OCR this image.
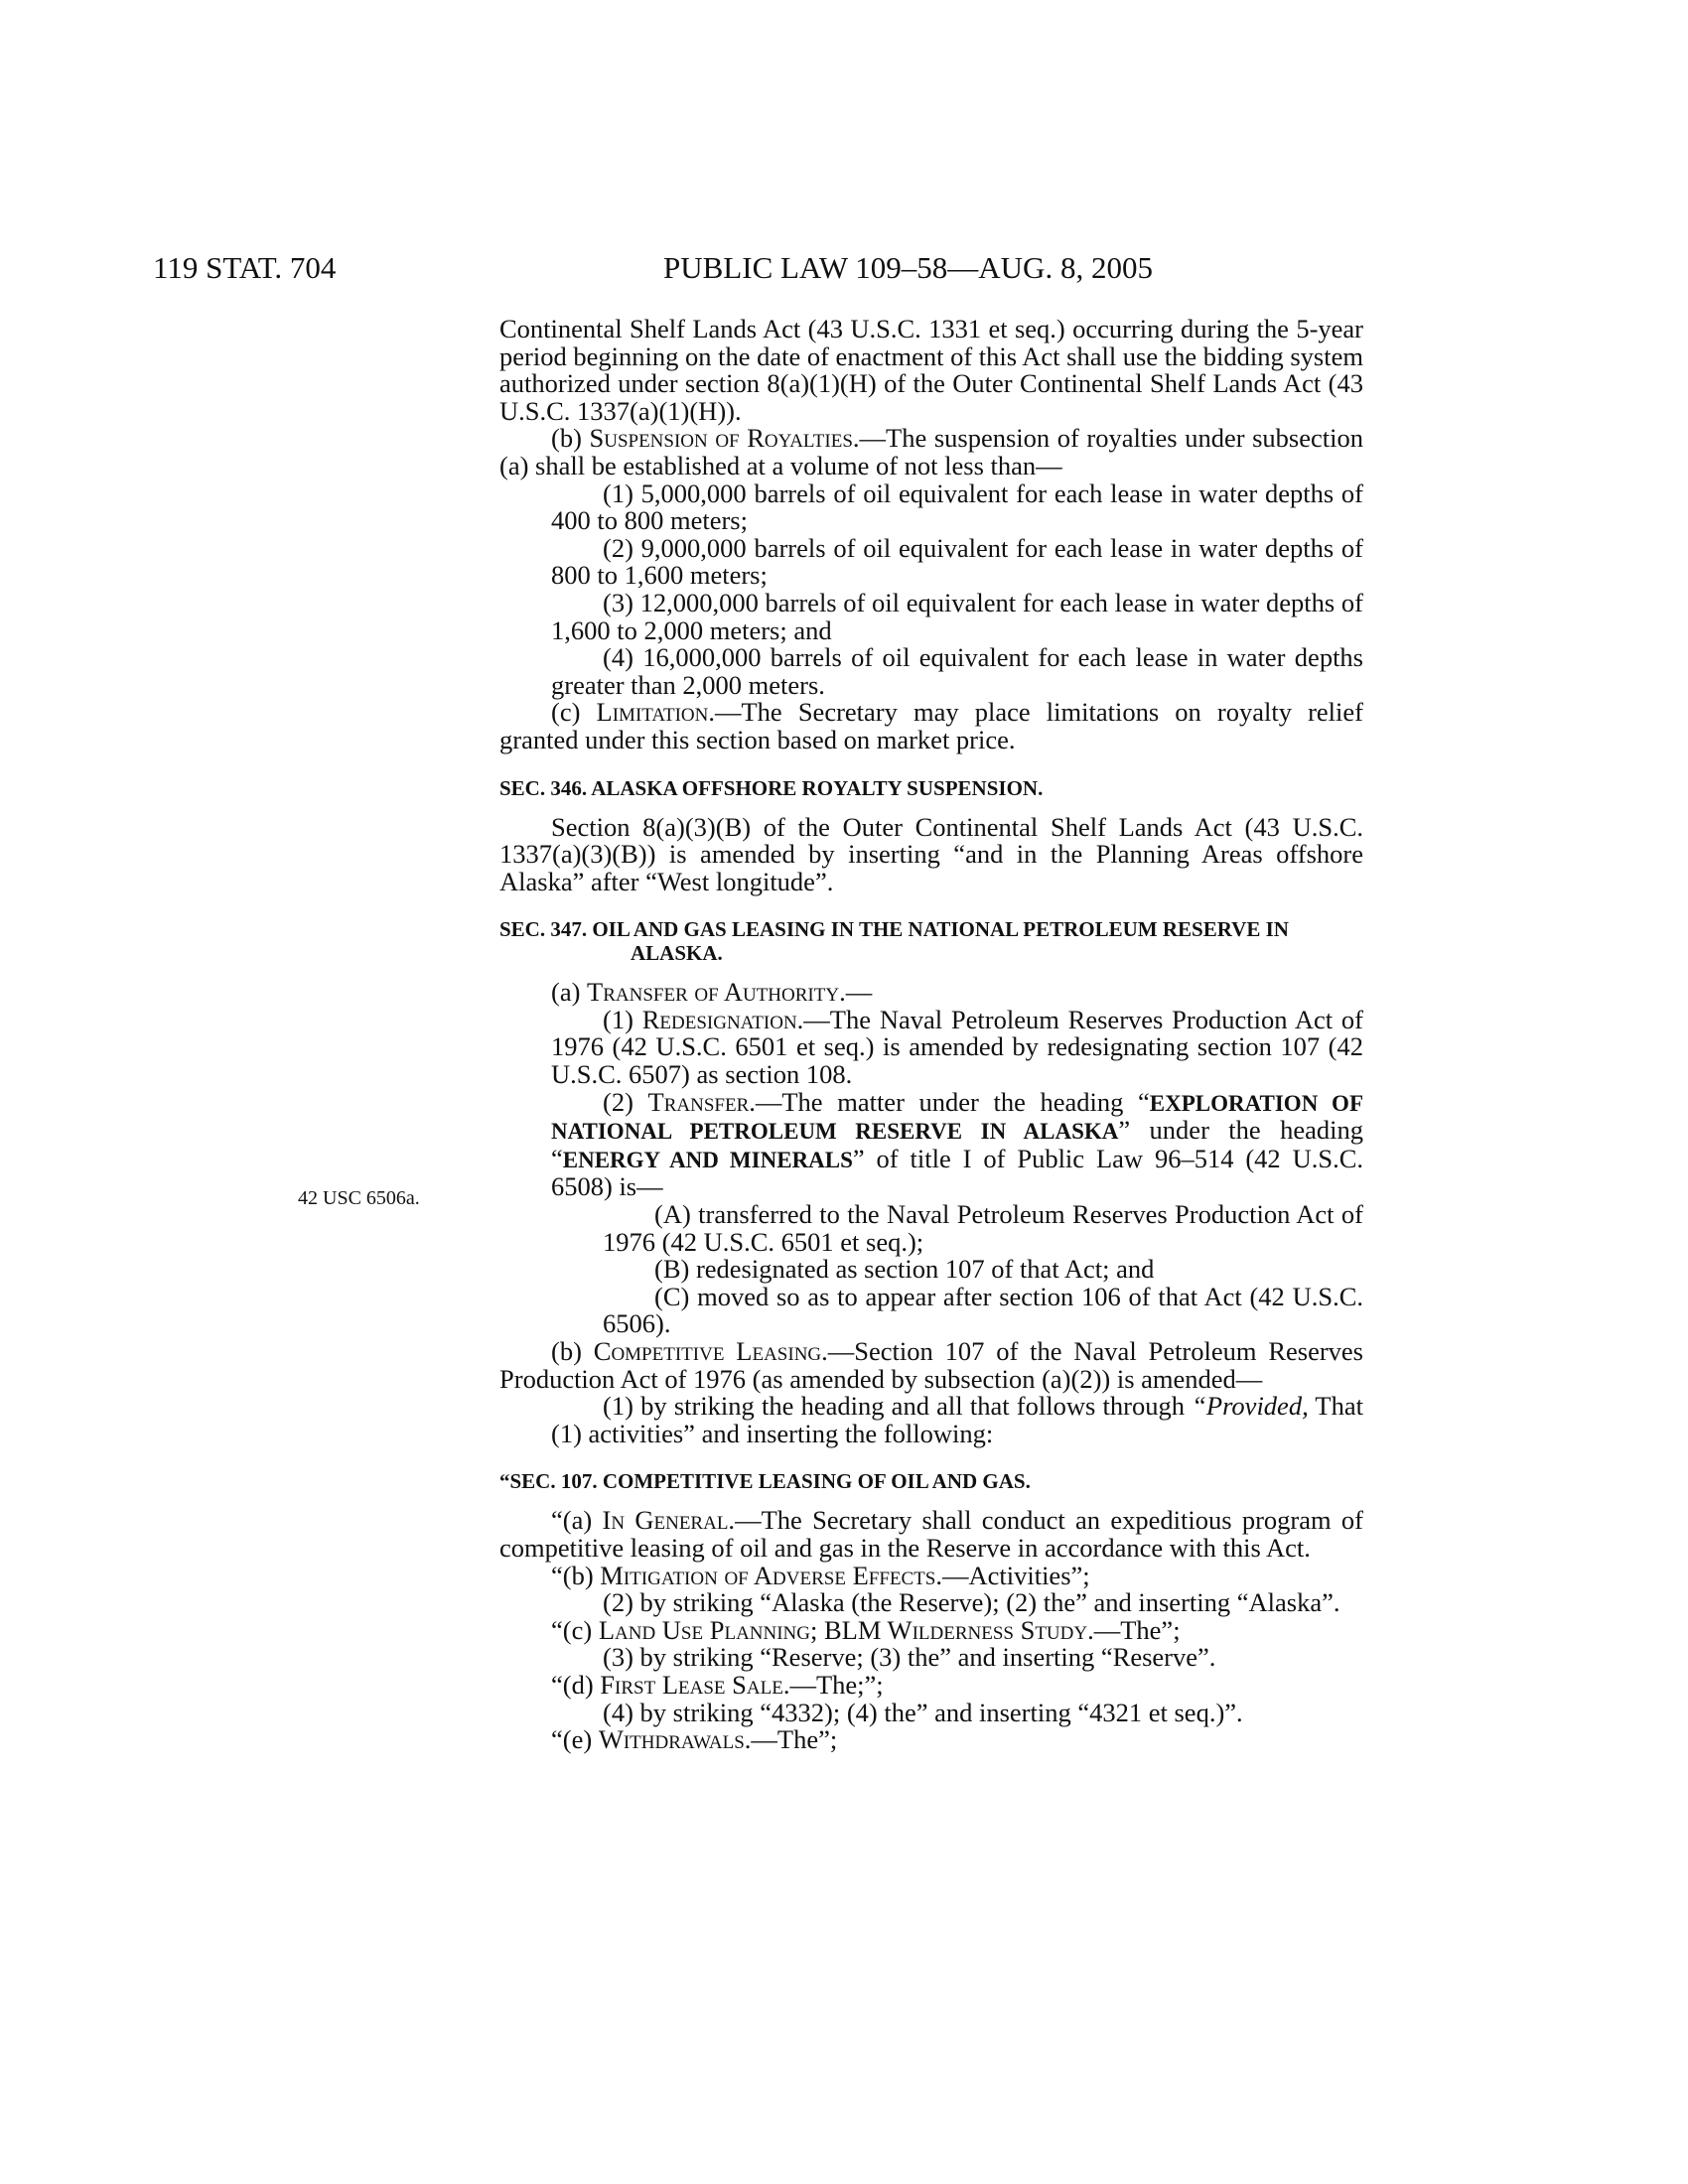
119 STAT. 704	PUBLIC LAW 109–58—AUG. 8, 2005
42 USC 6506a.

Continental Shelf Lands Act (43 U.S.C. 1331 et seq.) occurring during the 5-year period beginning on the date of enactment of this Act shall use the bidding system authorized under section 8(a)(1)(H) of the Outer Continental Shelf Lands Act (43 U.S.C. 1337(a)(1)(H)).

(b) Suspension of Royalties.—The suspension of royalties under subsection (a) shall be established at a volume of not less than—

(1) 5,000,000 barrels of oil equivalent for each lease in water depths of 400 to 800 meters;

(2) 9,000,000 barrels of oil equivalent for each lease in water depths of 800 to 1,600 meters;

(3) 12,000,000 barrels of oil equivalent for each lease in water depths of 1,600 to 2,000 meters; and

(4) 16,000,000 barrels of oil equivalent for each lease in water depths greater than 2,000 meters.

(c) Limitation.—The Secretary may place limitations on royalty relief granted under this section based on market price.

SEC. 346. ALASKA OFFSHORE ROYALTY SUSPENSION.

Section 8(a)(3)(B) of the Outer Continental Shelf Lands Act (43 U.S.C. 1337(a)(3)(B)) is amended by inserting “and in the Planning Areas offshore Alaska” after “West longitude”.

SEC. 347. OIL AND GAS LEASING IN THE NATIONAL PETROLEUM RESERVE IN ALASKA.

(a) Transfer of Authority.—

(1) Redesignation.—The Naval Petroleum Reserves Production Act of 1976 (42 U.S.C. 6501 et seq.) is amended by redesignating section 107 (42 U.S.C. 6507) as section 108.

(2) Transfer.—The matter under the heading “EXPLORATION OF NATIONAL PETROLEUM RESERVE IN ALASKA” under the heading “ENERGY AND MINERALS” of title I of Public Law 96–514 (42 U.S.C. 6508) is—

(A) transferred to the Naval Petroleum Reserves Production Act of 1976 (42 U.S.C. 6501 et seq.);

(B) redesignated as section 107 of that Act; and

(C) moved so as to appear after section 106 of that Act (42 U.S.C. 6506).

(b) Competitive Leasing.—Section 107 of the Naval Petroleum Reserves Production Act of 1976 (as amended by subsection (a)(2)) is amended—

(1) by striking the heading and all that follows through “Provided, That (1) activities” and inserting the following:

“SEC. 107. COMPETITIVE LEASING OF OIL AND GAS.

“(a) In General.—The Secretary shall conduct an expeditious program of competitive leasing of oil and gas in the Reserve in accordance with this Act.

“(b) Mitigation of Adverse Effects.—Activities”;

(2) by striking “Alaska (the Reserve); (2) the” and inserting “Alaska”.

“(c) Land Use Planning; BLM Wilderness Study.—The”;

(3) by striking “Reserve; (3) the” and inserting “Reserve”.

“(d) First Lease Sale.—The;”;

(4) by striking “4332); (4) the” and inserting “4321 et seq.)”.

“(e) Withdrawals.—The”;
